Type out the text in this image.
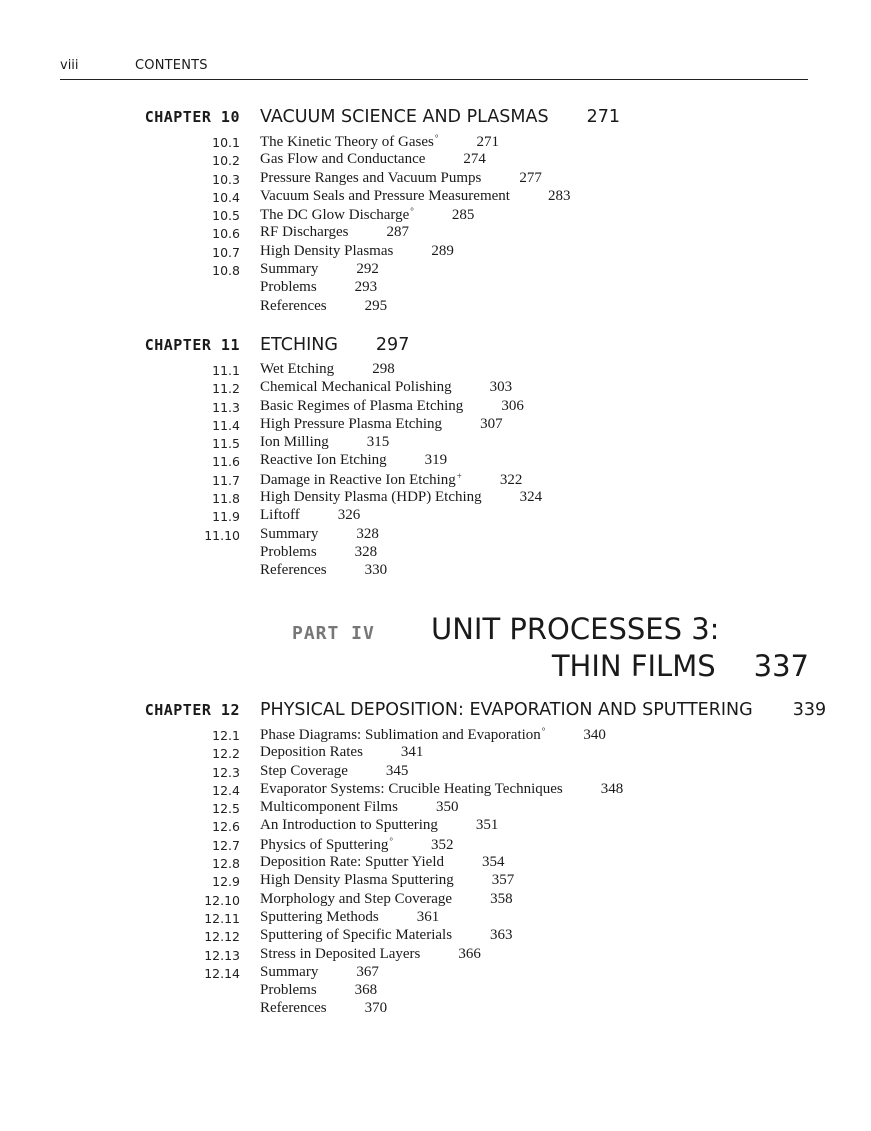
viii	CONTENTS
CHAPTER 10 VACUUM SCIENCE AND PLASMAS 271
10.1 The Kinetic Theory of Gases°	271
10.2 Gas Flow and Conductance	274
10.3 Pressure Ranges and Vacuum Pumps	277
10.4 Vacuum Seals and Pressure Measurement	283
10.5 The DC Glow Discharge°	285
10.6 RF Discharges	287
10.7 High Density Plasmas	289
10.8 Summary	292
Problems	293
References	295
CHAPTER 11 ETCHING 297
11.1 Wet Etching	298
11.2 Chemical Mechanical Polishing	303
11.3 Basic Regimes of Plasma Etching	306
11.4 High Pressure Plasma Etching	307
11.5 Ion Milling	315
11.6 Reactive Ion Etching	319
11.7 Damage in Reactive Ion Etching+	322
11.8 High Density Plasma (HDP) Etching	324
11.9 Liftoff	326
11.10 Summary	328
Problems	328
References	330
PART IV UNIT PROCESSES 3:
THIN FILMS 337
CHAPTER 12 PHYSICAL DEPOSITION: EVAPORATION AND SPUTTERING 339
12.1 Phase Diagrams: Sublimation and Evaporation°	340
12.2 Deposition Rates	341
12.3 Step Coverage	345
12.4 Evaporator Systems: Crucible Heating Techniques	348
12.5 Multicomponent Films	350
12.6 An Introduction to Sputtering	351
12.7 Physics of Sputtering°	352
12.8 Deposition Rate: Sputter Yield	354
12.9 High Density Plasma Sputtering	357
12.10 Morphology and Step Coverage	358
12.11 Sputtering Methods	361
12.12 Sputtering of Specific Materials	363
12.13 Stress in Deposited Layers	366
12.14 Summary	367
Problems	368
References	370
